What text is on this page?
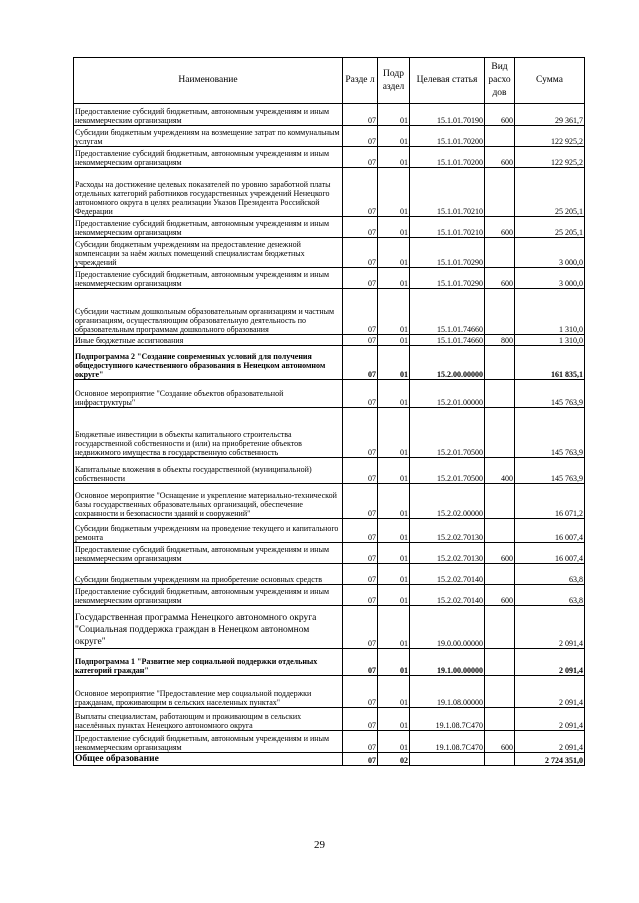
Наименование	Разде л	Подр аздел	Целевая статья	Вид расхо дов	Сумма
Предоставление субсидий бюджетным, автономным учреждениям и иным некоммерческим организациям	07	01	15.1.01.70190	600	29 361,7
Субсидии бюджетным учреждениям на возмещение затрат по коммунальным услугам	07	01	15.1.01.70200		122 925,2
Предоставление субсидий бюджетным, автономным учреждениям и иным некоммерческим организациям	07	01	15.1.01.70200	600	122 925,2
Расходы на достижение целевых показателей по уровню заработной платы отдельных категорий работников государственных учреждений Ненецкого автономного округа в целях реализации Указов Президента Российской Федерации	07	01	15.1.01.70210		25 205,1
Предоставление субсидий бюджетным, автономным учреждениям и иным некоммерческим организациям	07	01	15.1.01.70210	600	25 205,1
Субсидии бюджетным учреждениям на предоставление денежной компенсации за наём жилых помещений специалистам бюджетных учреждений	07	01	15.1.01.70290		3 000,0
Предоставление субсидий бюджетным, автономным учреждениям и иным некоммерческим организациям	07	01	15.1.01.70290	600	3 000,0
Субсидии частным дошкольным образовательным организациям и частным организациям, осуществляющим образовательную деятельность по образовательным программам дошкольного образования	07	01	15.1.01.74660		1 310,0
Иные бюджетные ассигнования	07	01	15.1.01.74660	800	1 310,0
Подпрограмма 2 "Создание современных условий для получения общедоступного качественного образования в Ненецком автономном округе"	07	01	15.2.00.00000		161 835,1
Основное мероприятие "Создание объектов образовательной инфраструктуры"	07	01	15.2.01.00000		145 763,9
Бюджетные инвестиции в объекты капитального строительства государственной собственности и (или) на приобретение объектов недвижимого имущества в государственную собственность	07	01	15.2.01.70500		145 763,9
Капитальные вложения в объекты государственной (муниципальной) собственности	07	01	15.2.01.70500	400	145 763,9
Основное мероприятие "Оснащение и укрепление материально-технической базы государственных образовательных организаций, обеспечение сохранности и безопасности зданий и сооружений"	07	01	15.2.02.00000		16 071,2
Субсидии бюджетным учреждениям на проведение текущего и капитального ремонта	07	01	15.2.02.70130		16 007,4
Предоставление субсидий бюджетным, автономным учреждениям и иным некоммерческим организациям	07	01	15.2.02.70130	600	16 007,4
Субсидии бюджетным учреждениям на приобретение основных средств	07	01	15.2.02.70140		63,8
Предоставление субсидий бюджетным, автономным учреждениям и иным некоммерческим организациям	07	01	15.2.02.70140	600	63,8
Государственная программа Ненецкого автономного округа "Социальная поддержка граждан в Ненецком автономном округе"	07	01	19.0.00.00000		2 091,4
Подпрограмма 1 "Развитие мер социальной поддержки отдельных категорий граждан"	07	01	19.1.00.00000		2 091,4
Основное мероприятие "Предоставление мер социальной поддержки гражданам, проживающим в сельских населенных пунктах"	07	01	19.1.08.00000		2 091,4
Выплаты специалистам, работающим и проживающим в сельских населённых пунктах Ненецкого автономного округа	07	01	19.1.08.7С470		2 091,4
Предоставление субсидий бюджетным, автономным учреждениям и иным некоммерческим организациям	07	01	19.1.08.7С470	600	2 091,4
Общее образование	07	02			2 724 351,0
29
